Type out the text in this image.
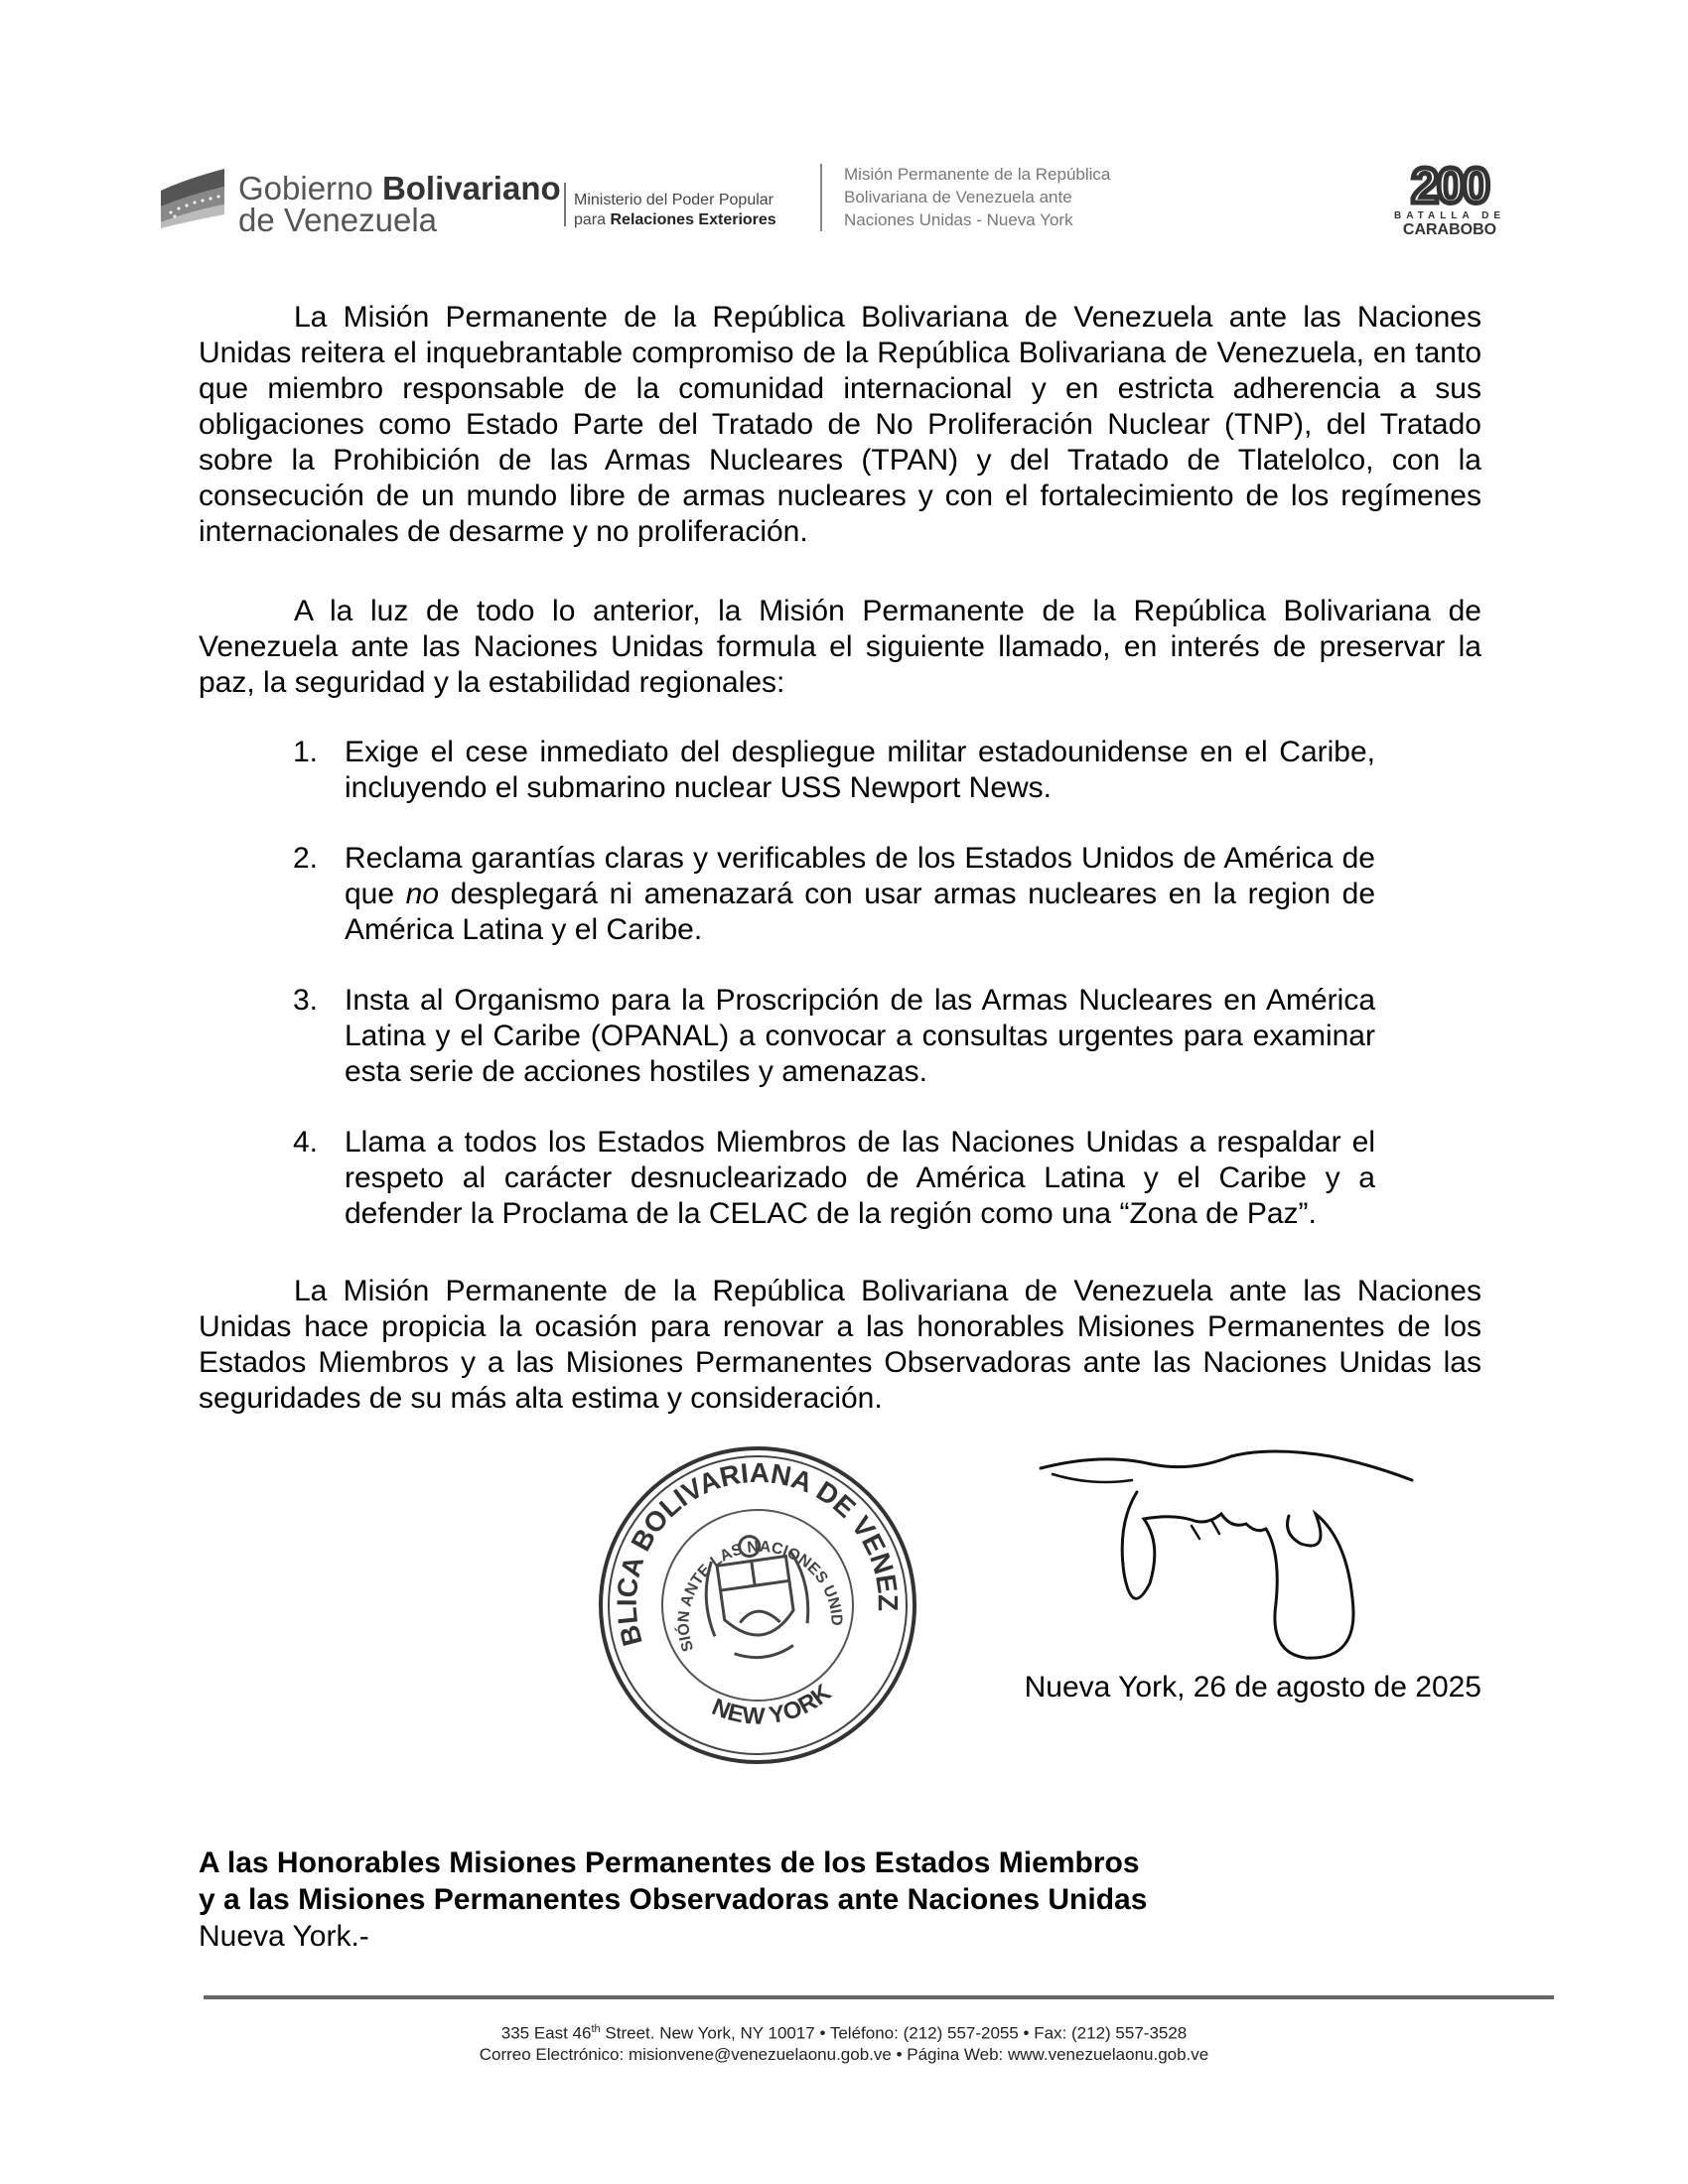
Gobierno Bolivariano
de Venezuela
Ministerio del Poder Popular
para Relaciones Exteriores
Misión Permanente de la República
Bolivariana de Venezuela ante
Naciones Unidas - Nueva York
200
BATALLA DE
CARABOBO

La Misión Permanente de la República Bolivariana de Venezuela ante las Naciones Unidas reitera el inquebrantable compromiso de la República Bolivariana de Venezuela, en tanto que miembro responsable de la comunidad internacional y en estricta adherencia a sus obligaciones como Estado Parte del Tratado de No Proliferación Nuclear (TNP), del Tratado sobre la Prohibición de las Armas Nucleares (TPAN) y del Tratado de Tlatelolco, con la consecución de un mundo libre de armas nucleares y con el fortalecimiento de los regímenes internacionales de desarme y no proliferación.

A la luz de todo lo anterior, la Misión Permanente de la República Bolivariana de Venezuela ante las Naciones Unidas formula el siguiente llamado, en interés de preservar la paz, la seguridad y la estabilidad regionales:

1. Exige el cese inmediato del despliegue militar estadounidense en el Caribe, incluyendo el submarino nuclear USS Newport News.
2. Reclama garantías claras y verificables de los Estados Unidos de América de que no desplegará ni amenazará con usar armas nucleares en la region de América Latina y el Caribe.
3. Insta al Organismo para la Proscripción de las Armas Nucleares en América Latina y el Caribe (OPANAL) a convocar a consultas urgentes para examinar esta serie de acciones hostiles y amenazas.
4. Llama a todos los Estados Miembros de las Naciones Unidas a respaldar el respeto al carácter desnuclearizado de América Latina y el Caribe y a defender la Proclama de la CELAC de la región como una “Zona de Paz”.

La Misión Permanente de la República Bolivariana de Venezuela ante las Naciones Unidas hace propicia la ocasión para renovar a las honorables Misiones Permanentes de los Estados Miembros y a las Misiones Permanentes Observadoras ante las Naciones Unidas las seguridades de su más alta estima y consideración.

REPÚBLICA BOLIVARIANA DE VENEZUELA
NEW YORK
MISIÓN ANTE LAS NACIONES UNIDAS
Nueva York, 26 de agosto de 2025
A las Honorables Misiones Permanentes de los Estados Miembros
y a las Misiones Permanentes Observadoras ante Naciones Unidas
Nueva York.-
335 East 46th Street. New York, NY 10017 • Teléfono: (212) 557-2055 • Fax: (212) 557-3528
Correo Electrónico: misionvene@venezuelaonu.gob.ve • Página Web: www.venezuelaonu.gob.ve
